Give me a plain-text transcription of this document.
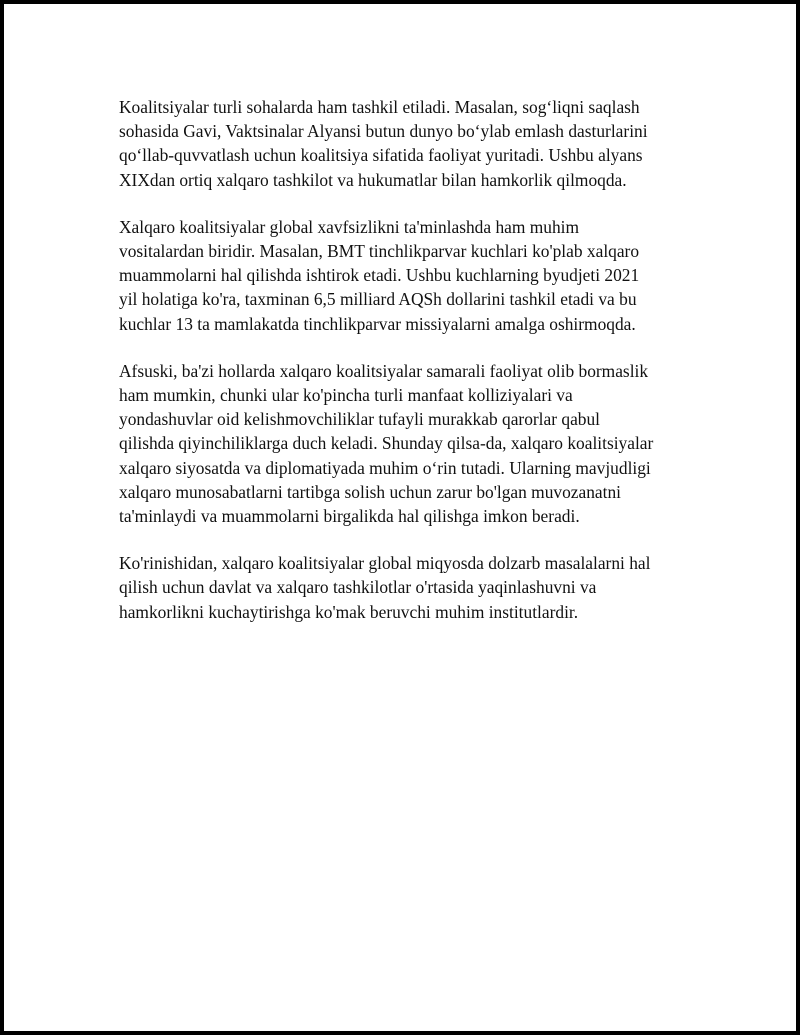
Koalitsiyalar turli sohalarda ham tashkil etiladi. Masalan, sog‘liqni saqlash
sohasida Gavi, Vaktsinalar Alyansi butun dunyo bo‘ylab emlash dasturlarini
qo‘llab-quvvatlash uchun koalitsiya sifatida faoliyat yuritadi. Ushbu alyans
XIXdan ortiq xalqaro tashkilot va hukumatlar bilan hamkorlik qilmoqda.

Xalqaro koalitsiyalar global xavfsizlikni ta'minlashda ham muhim
vositalardan biridir. Masalan, BMT tinchlikparvar kuchlari ko'plab xalqaro
muammolarni hal qilishda ishtirok etadi. Ushbu kuchlarning byudjeti 2021
yil holatiga ko'ra, taxminan 6,5 milliard AQSh dollarini tashkil etadi va bu
kuchlar 13 ta mamlakatda tinchlikparvar missiyalarni amalga oshirmoqda.

Afsuski, ba'zi hollarda xalqaro koalitsiyalar samarali faoliyat olib bormaslik
ham mumkin, chunki ular ko'pincha turli manfaat kolliziyalari va
yondashuvlar oid kelishmovchiliklar tufayli murakkab qarorlar qabul
qilishda qiyinchiliklarga duch keladi. Shunday qilsa-da, xalqaro koalitsiyalar
xalqaro siyosatda va diplomatiyada muhim o‘rin tutadi. Ularning mavjudligi
xalqaro munosabatlarni tartibga solish uchun zarur bo'lgan muvozanatni
ta'minlaydi va muammolarni birgalikda hal qilishga imkon beradi.

Ko'rinishidan, xalqaro koalitsiyalar global miqyosda dolzarb masalalarni hal
qilish uchun davlat va xalqaro tashkilotlar o'rtasida yaqinlashuvni va
hamkorlikni kuchaytirishga ko'mak beruvchi muhim institutlardir.
